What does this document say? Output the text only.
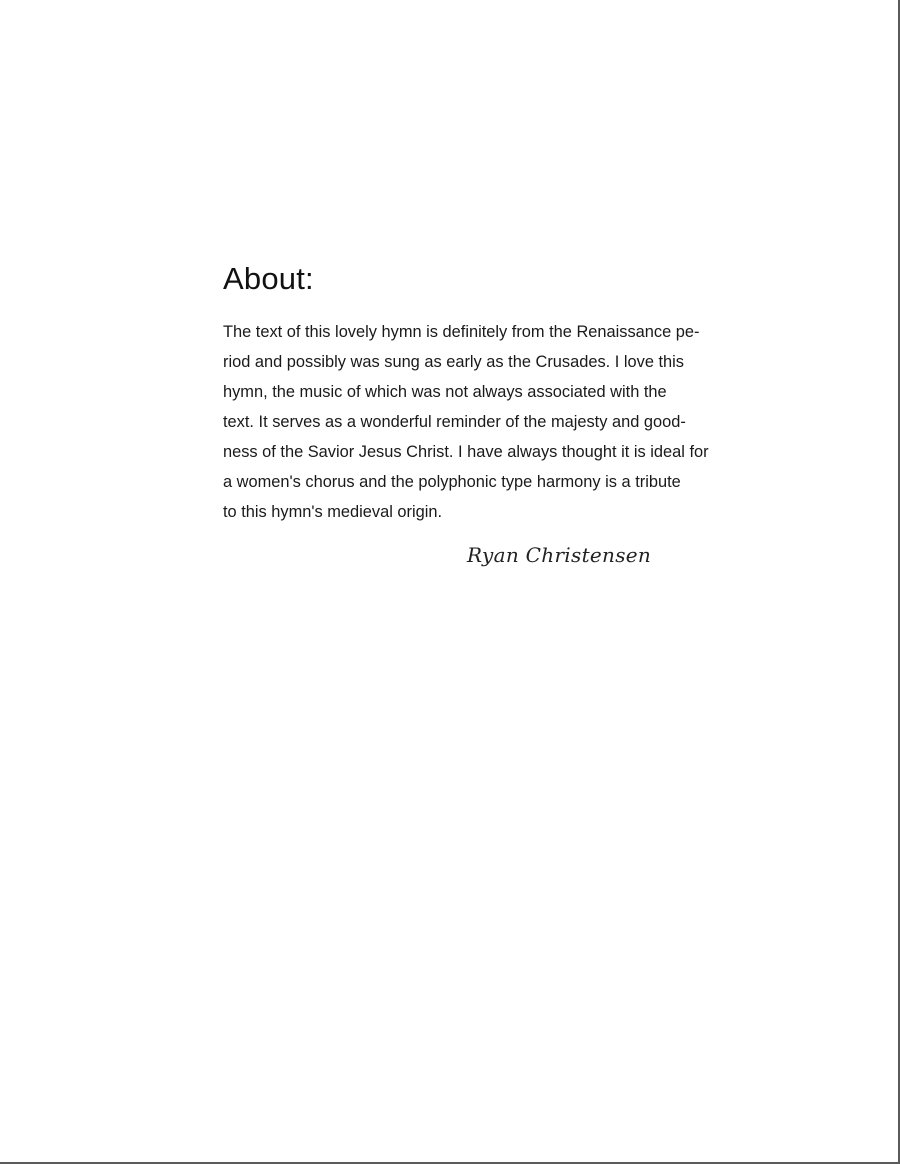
About:

The text of this lovely hymn is definitely from the Renaissance pe-
riod and possibly was sung as early as the Crusades. I love this
hymn, the music of which was not always associated with the
text. It serves as a wonderful reminder of the majesty and good-
ness of the Savior Jesus Christ. I have always thought it is ideal for
a women's chorus and the polyphonic type harmony is a tribute
to this hymn's medieval origin.

Ryan Christensen
